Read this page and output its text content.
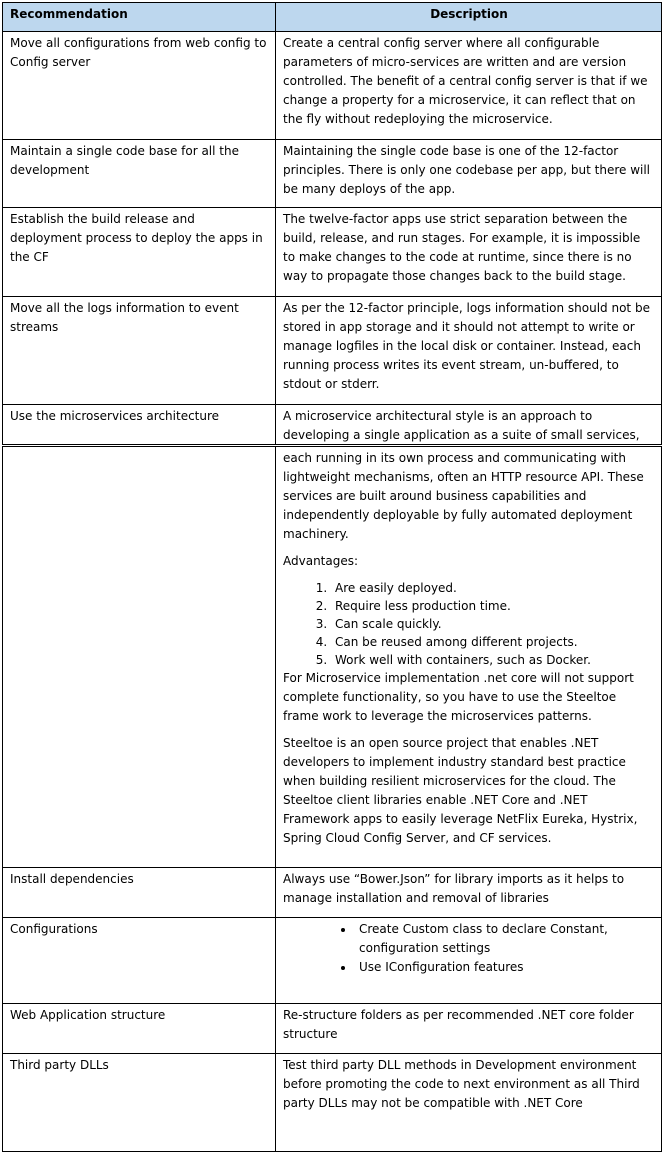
Recommendation	Description

Move all configurations from web config to Config server

Create a central config server where all configurable parameters of micro-services are written and are version controlled. The benefit of a central config server is that if we change a property for a microservice, it can reflect that on the fly without redeploying the microservice.

Maintain a single code base for all the development

Maintaining the single code base is one of the 12-factor principles. There is only one codebase per app, but there will be many deploys of the app.

Establish the build release and deployment process to deploy the apps in the CF

The twelve-factor apps use strict separation between the build, release, and run stages. For example, it is impossible to make changes to the code at runtime, since there is no way to propagate those changes back to the build stage.

Move all the logs information to event streams

As per the 12-factor principle, logs information should not be stored in app storage and it should not attempt to write or manage logfiles in the local disk or container. Instead, each running process writes its event stream, un-buffered, to stdout or stderr.

Use the microservices architecture	A microservice architectural style is an approach to developing a single application as a suite of small services,

each running in its own process and communicating with lightweight mechanisms, often an HTTP resource API. These services are built around business capabilities and independently deployable by fully automated deployment machinery.

Advantages:

1. Are easily deployed.
2. Require less production time.
3. Can scale quickly.
4. Can be reused among different projects.
5. Work well with containers, such as Docker.

For Microservice implementation .net core will not support complete functionality, so you have to use the Steeltoe frame work to leverage the microservices patterns.

Steeltoe is an open source project that enables .NET developers to implement industry standard best practice when building resilient microservices for the cloud. The Steeltoe client libraries enable .NET Core and .NET Framework apps to easily leverage NetFlix Eureka, Hystrix, Spring Cloud Config Server, and CF services.

Install dependencies	Always use “Bower.Json” for library imports as it helps to manage installation and removal of libraries

Configurations

•	Create Custom class to declare Constant, configuration settings
• Use IConfiguration features

Web Application structure	Re-structure folders as per recommended .NET core folder structure

Third party DLLs	Test third party DLL methods in Development environment before promoting the code to next environment as all Third party DLLs may not be compatible with .NET Core
